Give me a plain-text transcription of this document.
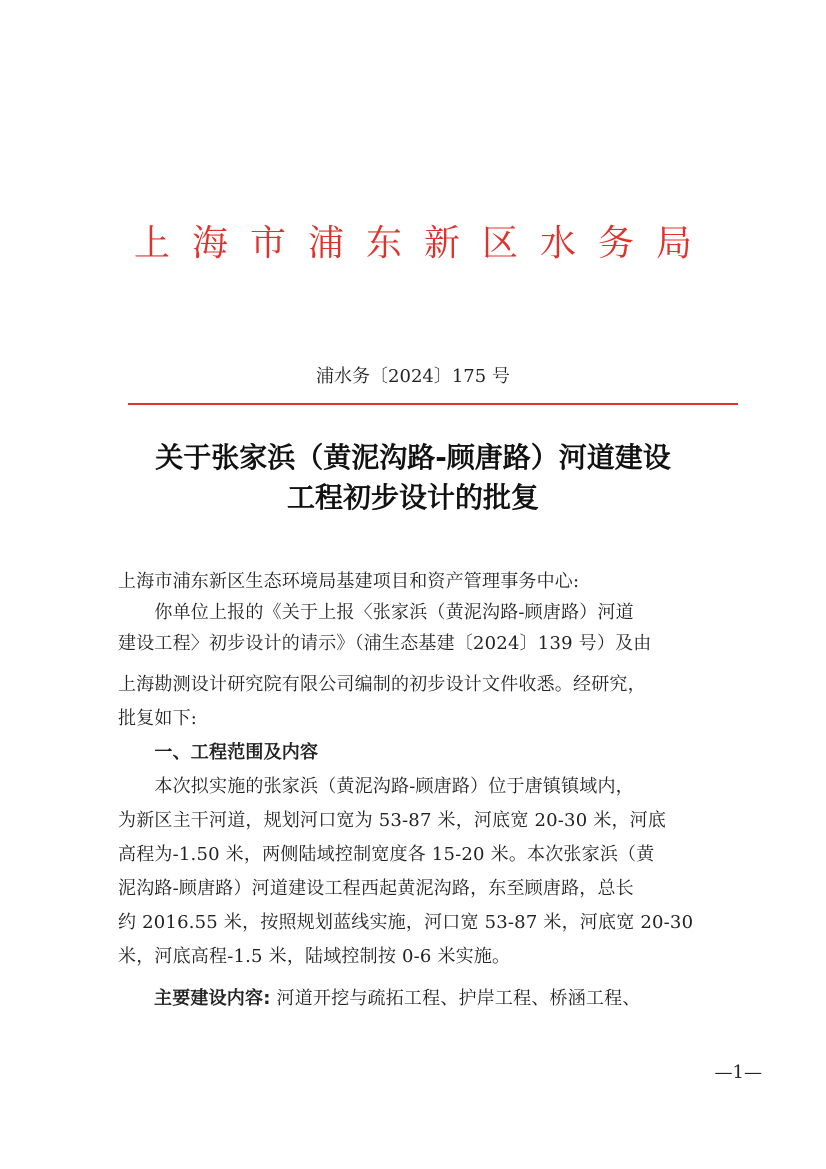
上海市浦东新区水务局
浦水务〔2024〕175 号
关于张家浜（黄泥沟路-顾唐路）河道建设
工程初步设计的批复
上海市浦东新区生态环境局基建项目和资产管理事务中心:
　　你单位上报的《关于上报〈张家浜（黄泥沟路-顾唐路）河道
建设工程〉初步设计的请示》（浦生态基建〔2024〕139 号）及由
上海勘测设计研究院有限公司编制的初步设计文件收悉。经研究，
批复如下:
　　一、工程范围及内容
　　本次拟实施的张家浜（黄泥沟路-顾唐路）位于唐镇镇域内，
为新区主干河道，规划河口宽为 53-87 米，河底宽 20-30 米，河底
高程为-1.50 米，两侧陆域控制宽度各 15-20 米。本次张家浜（黄
泥沟路-顾唐路）河道建设工程西起黄泥沟路，东至顾唐路，总长
约 2016.55 米，按照规划蓝线实施，河口宽 53-87 米，河底宽 20-30
米，河底高程-1.5 米，陆域控制按 0-6 米实施。
主要建设内容: 河道开挖与疏拓工程、护岸工程、桥涵工程、
—1—
